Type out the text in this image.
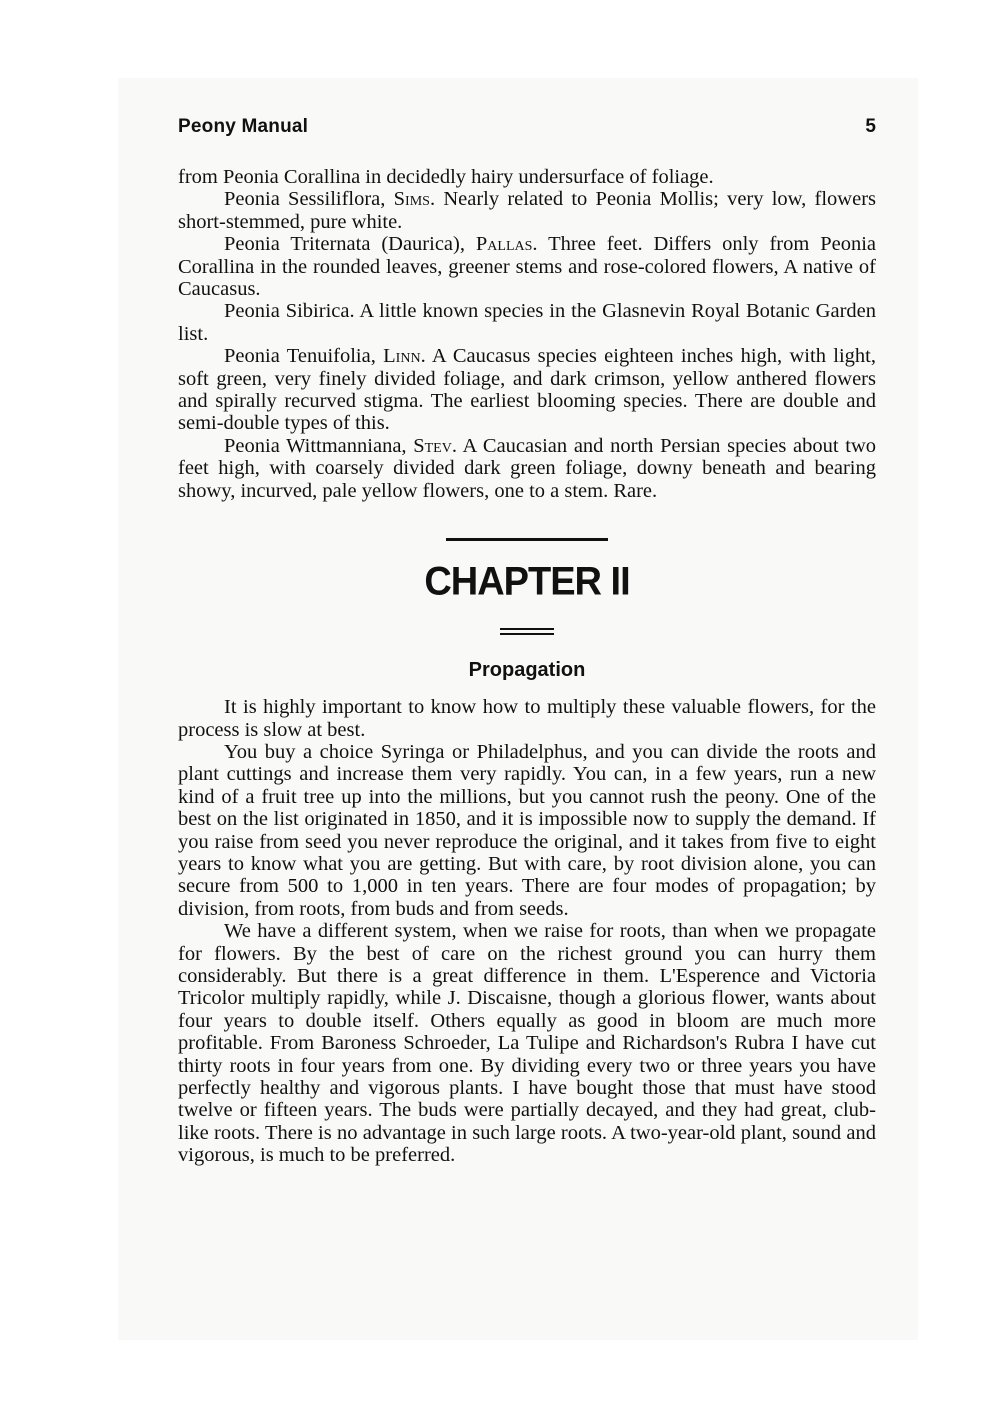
Peony Manual	5

from Peonia Corallina in decidedly hairy undersurface of foliage.

Peonia Sessiliflora, Sims. Nearly related to Peonia Mollis; very low, flowers short-stemmed, pure white.

Peonia Triternata (Daurica), Pallas. Three feet. Differs only from Peonia Corallina in the rounded leaves, greener stems and rose-colored flowers, A native of Caucasus.

Peonia Sibirica. A little known species in the Glasnevin Royal Botanic Garden list.

Peonia Tenuifolia, Linn. A Caucasus species eighteen inches high, with light, soft green, very finely divided foliage, and dark crimson, yellow anthered flowers and spirally recurved stigma. The earliest blooming species. There are double and semi-double types of this.

Peonia Wittmanniana, Stev. A Caucasian and north Persian species about two feet high, with coarsely divided dark green foliage, downy beneath and bearing showy, incurved, pale yellow flowers, one to a stem. Rare.

CHAPTER II
Propagation

It is highly important to know how to multiply these valuable flowers, for the process is slow at best.

You buy a choice Syringa or Philadelphus, and you can divide the roots and plant cuttings and increase them very rapidly. You can, in a few years, run a new kind of a fruit tree up into the millions, but you cannot rush the peony. One of the best on the list originated in 1850, and it is impossible now to supply the demand. If you raise from seed you never reproduce the original, and it takes from five to eight years to know what you are getting. But with care, by root division alone, you can secure from 500 to 1,000 in ten years. There are four modes of propagation; by division, from roots, from buds and from seeds.

We have a different system, when we raise for roots, than when we propagate for flowers. By the best of care on the richest ground you can hurry them considerably. But there is a great difference in them. L'Esperence and Victoria Tricolor multiply rapidly, while J. Discaisne, though a glorious flower, wants about four years to double itself. Others equally as good in bloom are much more profitable. From Baroness Schroeder, La Tulipe and Richardson's Rubra I have cut thirty roots in four years from one. By dividing every two or three years you have perfectly healthy and vigorous plants. I have bought those that must have stood twelve or fifteen years. The buds were partially decayed, and they had great, club-like roots. There is no advantage in such large roots. A two-year-old plant, sound and vigorous, is much to be preferred.
